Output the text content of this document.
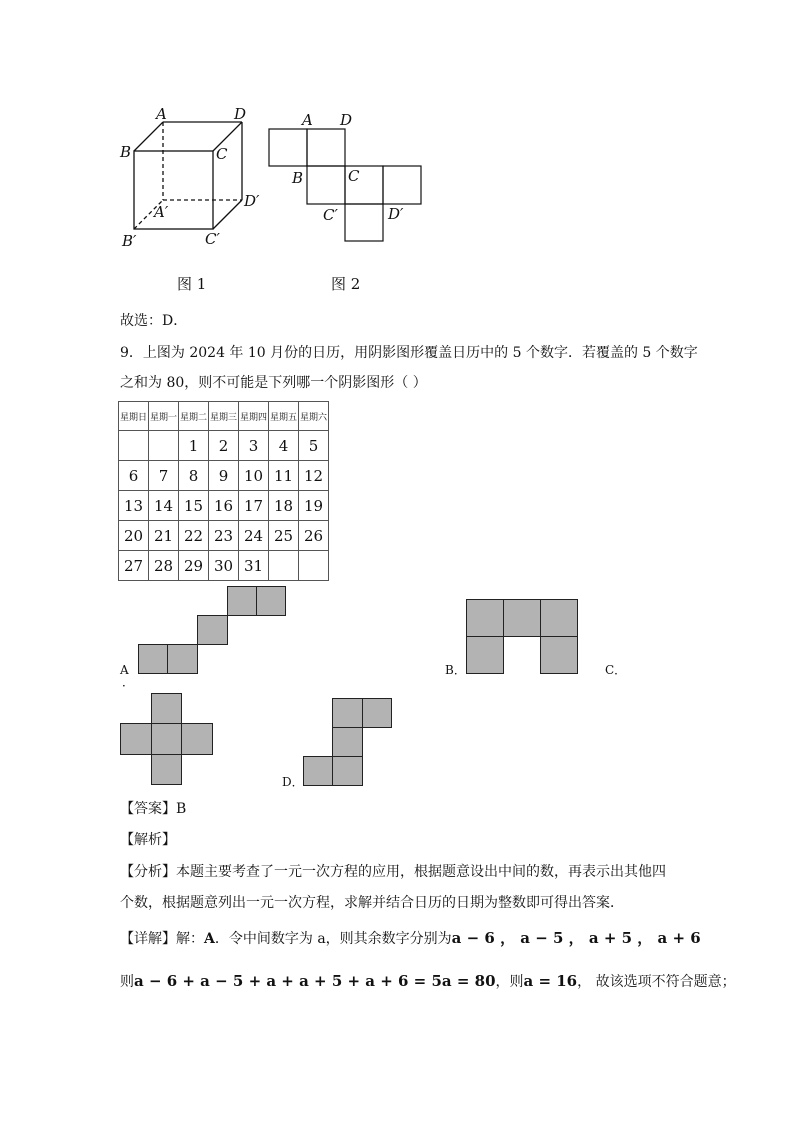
A	D
B	C
A′
D′
B′	C′
A D
B	C
C′	D′
图 1	图 2
故选：D．
9．上图为 2024 年 10 月份的日历，用阴影图形覆盖日历中的 5 个数字．若覆盖的 5 个数字
之和为 80，则不可能是下列哪一个阴影图形（ ）
星期日	星期一	星期二	星期三	星期四	星期五	星期六
		1	2	3	4	5
6	7	8	9	10	11	12
13	14	15	16	17	18	19
20	21	22	23	24	25	26
27	28	29	30	31		
A
．
B．	C．
D．
【答案】B
【解析】
【分析】本题主要考查了一元一次方程的应用，根据题意设出中间的数，再表示出其他四
个数，根据题意列出一元一次方程，求解并结合日历的日期为整数即可得出答案．
【详解】解：A．令中间数字为 a，则其余数字分别为a − 6 ， a − 5 ， a + 5 ， a + 6
则a − 6 + a − 5 + a + a + 5 + a + 6 = 5a = 80，则a = 16， 故该选项不符合题意；
